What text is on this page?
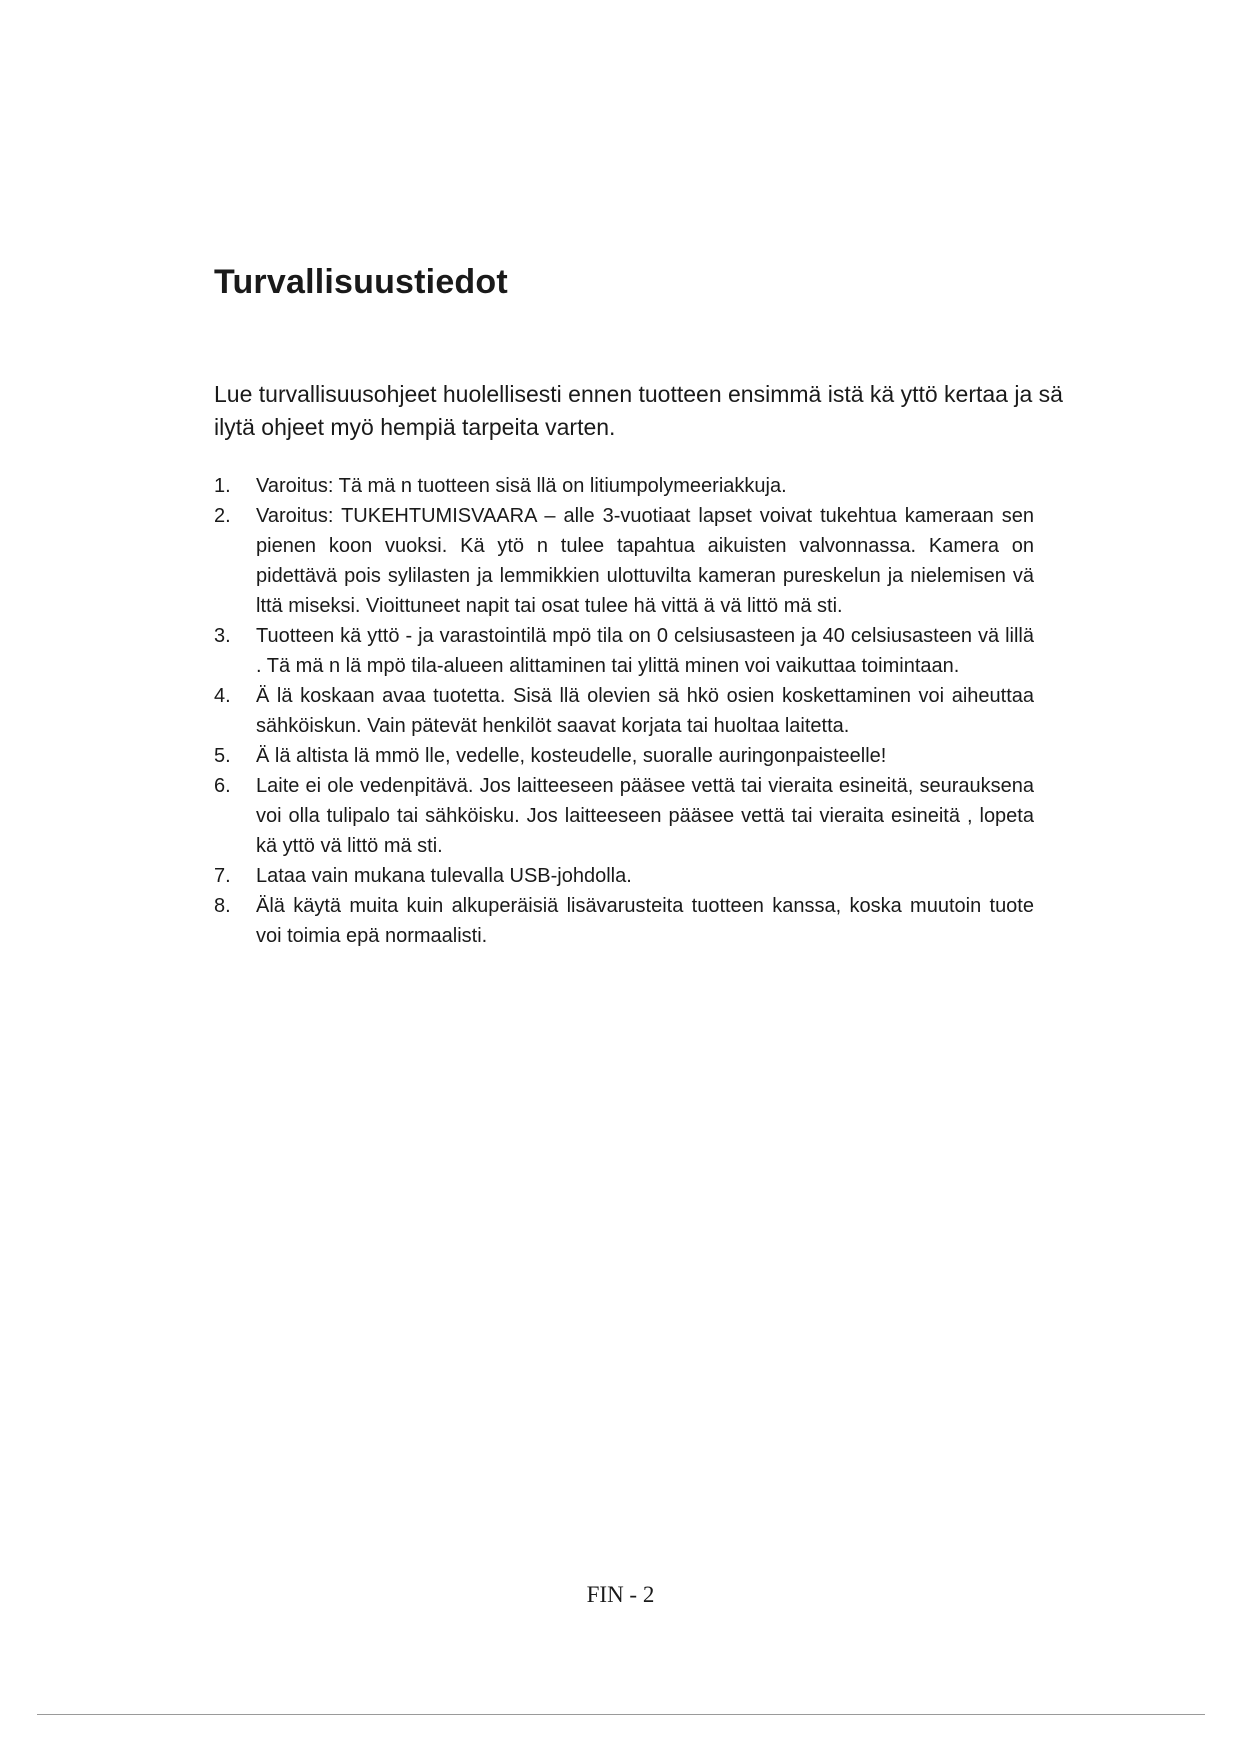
Turvallisuustiedot

Lue turvallisuusohjeet huolellisesti ennen tuotteen ensimmä istä kä yttö kertaa ja sä ilytä ohjeet myö hempiä tarpeita varten.

1. Varoitus: Tä mä n tuotteen sisä llä on litiumpolymeeriakkuja.
2. Varoitus: TUKEHTUMISVAARA – alle 3-vuotiaat lapset voivat tukehtua kameraan sen pienen koon vuoksi. Kä ytö n tulee tapahtua aikuisten valvonnassa. Kamera on pidettävä pois sylilasten ja lemmikkien ulottuvilta kameran pureskelun ja nielemisen vä lttä miseksi. Vioittuneet napit tai osat tulee hä vittä ä vä littö mä sti.
3. Tuotteen kä yttö - ja varastointilä mpö tila on 0 celsiusasteen ja 40 celsiusasteen vä lillä . Tä mä n lä mpö tila-alueen alittaminen tai ylittä minen voi vaikuttaa toimintaan.
4. Ä lä koskaan avaa tuotetta. Sisä llä olevien sä hkö osien koskettaminen voi aiheuttaa sähköiskun. Vain pätevät henkilöt saavat korjata tai huoltaa laitetta.
5. Ä lä altista lä mmö lle, vedelle, kosteudelle, suoralle auringonpaisteelle!
6. Laite ei ole vedenpitävä. Jos laitteeseen pääsee vettä tai vieraita esineitä, seurauksena voi olla tulipalo tai sähköisku. Jos laitteeseen pääsee vettä tai vieraita esineitä , lopeta kä yttö vä littö mä sti.
7. Lataa vain mukana tulevalla USB-johdolla.
8. Älä käytä muita kuin alkuperäisiä lisävarusteita tuotteen kanssa, koska muutoin tuote voi toimia epä normaalisti.
FIN - 2
